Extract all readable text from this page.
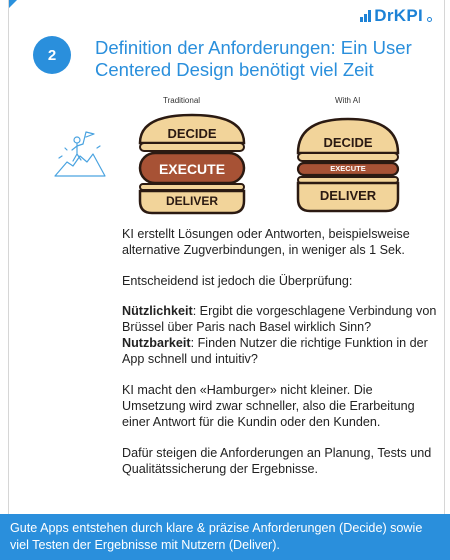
DrKPI
2	Definition der Anforderungen: Ein User
Centered Design benötigt viel Zeit
Traditional	With AI
DECIDE
EXECUTE
DELIVER
DECIDE
EXECUTE
DELIVER

KI erstellt Lösungen oder Antworten, beispielsweise alternative Zugverbindungen, in weniger als 1 Sek.

Entscheidend ist jedoch die Überprüfung:

Nützlichkeit: Ergibt die vorgeschlagene Verbindung von Brüssel über Paris nach Basel wirklich Sinn?
Nutzbarkeit: Finden Nutzer die richtige Funktion in der App schnell und intuitiv?

KI macht den «Hamburger» nicht kleiner. Die Umsetzung wird zwar schneller, also die Erarbeitung einer Antwort für die Kundin oder den Kunden.

Dafür steigen die Anforderungen an Planung, Tests und Qualitätssicherung der Ergebnisse.

Gute Apps entstehen durch klare & präzise Anforderungen (Decide) sowie viel Testen der Ergebnisse mit Nutzern (Deliver).
